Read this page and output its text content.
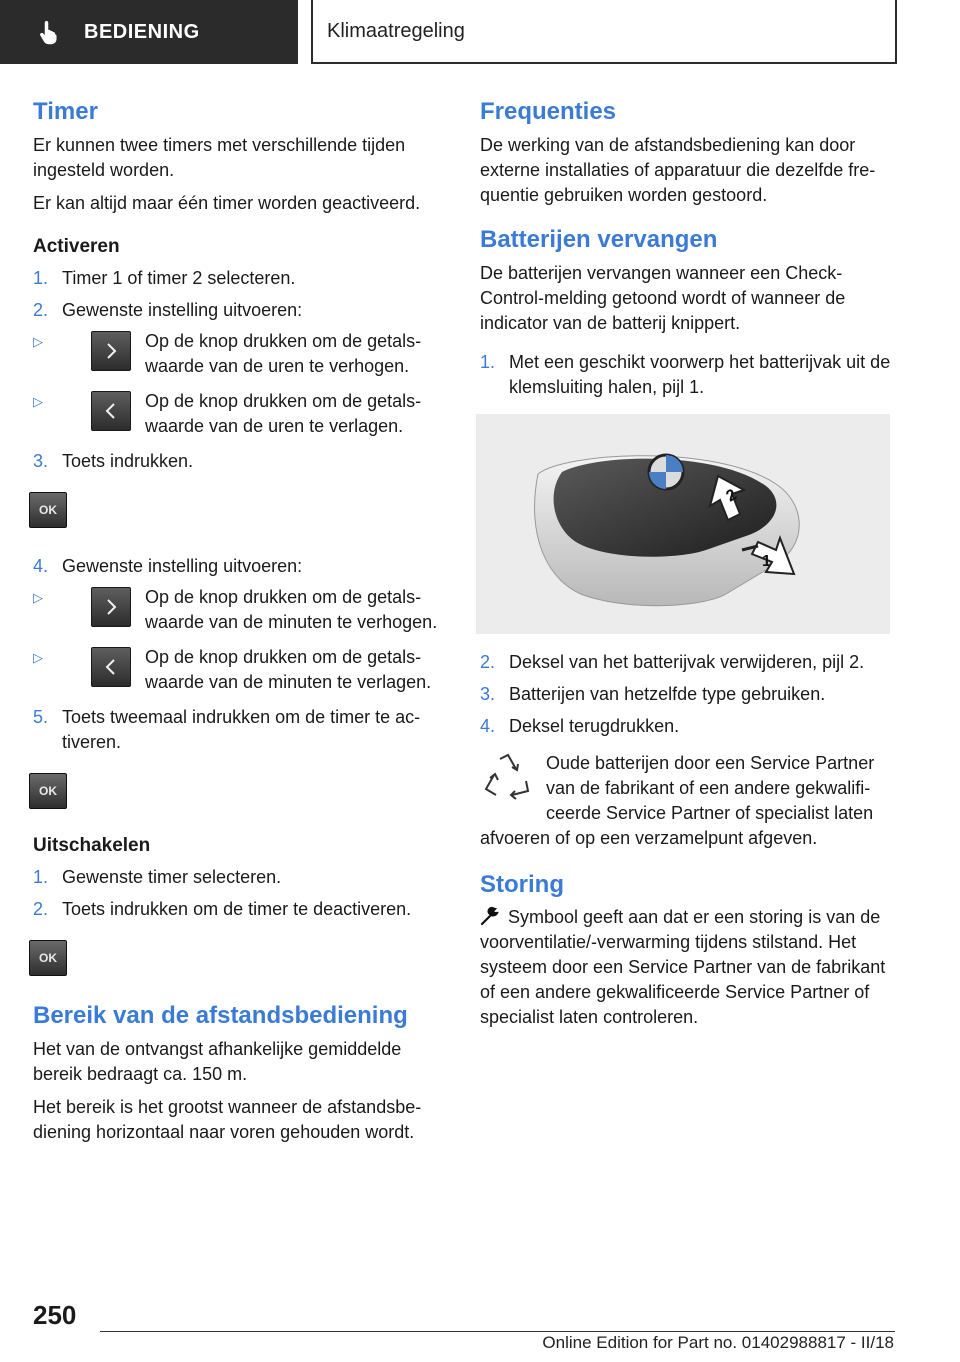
BEDIENING	Klimaatregeling
Timer

Er kunnen twee timers met verschillende tijden ingesteld worden.

Er kan altijd maar één timer worden geactiveerd.

Activeren
1. Timer 1 of timer 2 selecteren.
2. Gewenste instelling uitvoeren:
▷	Op de knop drukken om de getalswaarde van de uren te verhogen.
▷	Op de knop drukken om de getalswaarde van de uren te verlagen.
3. Toets indrukken.
OK
4. Gewenste instelling uitvoeren:
▷	Op de knop drukken om de getalswaarde van de minuten te verhogen.
▷	Op de knop drukken om de getalswaarde van de minuten te verlagen.
5. Toets tweemaal indrukken om de timer te activeren.
OK
Uitschakelen
1. Gewenste timer selecteren.
2. Toets indrukken om de timer te deactiveren.
OK
Bereik van de afstandsbediening

Het van de ontvangst afhankelijke gemiddelde bereik bedraagt ca. 150 m.

Het bereik is het grootst wanneer de afstandsbediening horizontaal naar voren gehouden wordt.

Frequenties

De werking van de afstandsbediening kan door externe installaties of apparatuur die dezelfde frequentie gebruiken worden gestoord.

Batterijen vervangen

De batterijen vervangen wanneer een Check-Control-melding getoond wordt of wanneer de indicator van de batterij knippert.

1. Met een geschikt voorwerp het batterijvak uit de klemsluiting halen, pijl 1.
2
1
2. Deksel van het batterijvak verwijderen, pijl 2.
3. Batterijen van hetzelfde type gebruiken.
4. Deksel terugdrukken.

Oude batterijen door een Service Partner van de fabrikant of een andere gekwalificeerde Service Partner of specialist laten afvoeren of op een verzamelpunt afgeven.

Storing

Symbool geeft aan dat er een storing is van de voorventilatie/-verwarming tijdens stilstand. Het systeem door een Service Partner van de fabrikant of een andere gekwalificeerde Service Partner of specialist laten controleren.

250
Online Edition for Part no. 01402988817 - II/18
